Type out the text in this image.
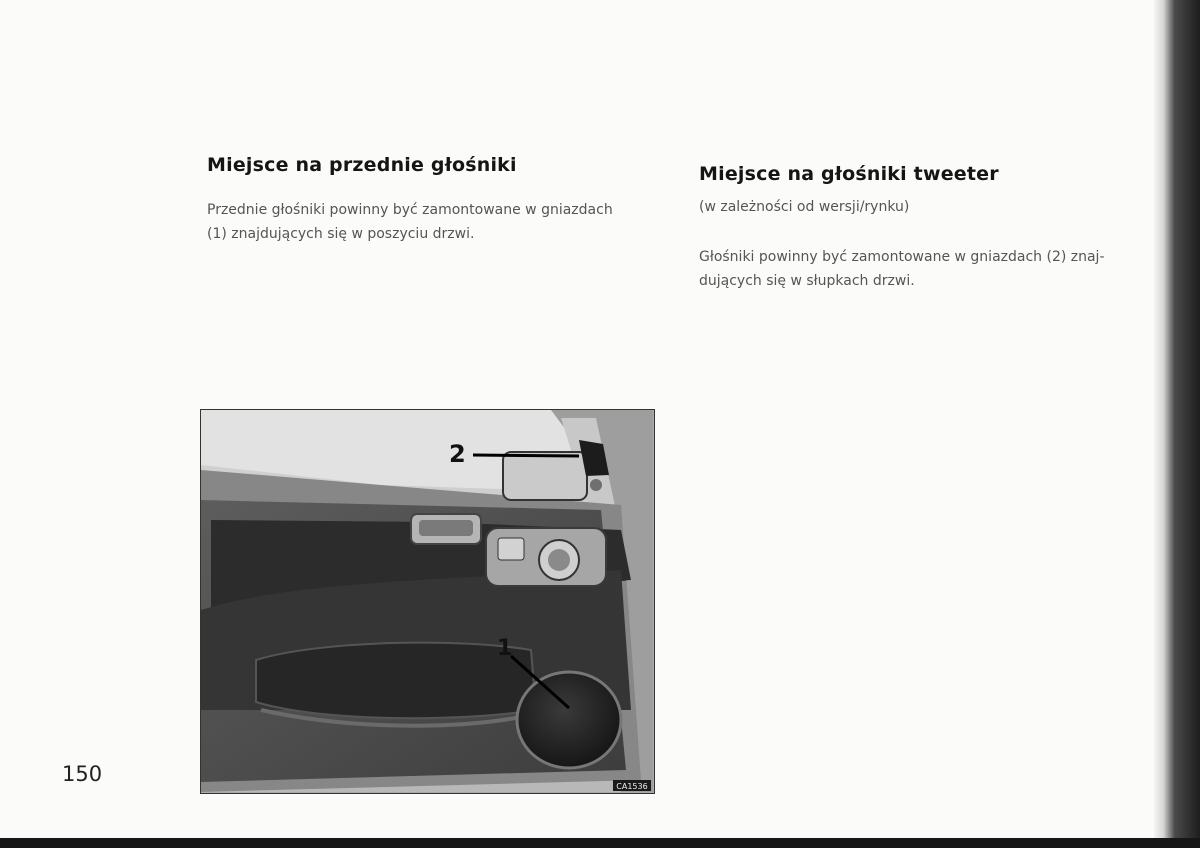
Miejsce na przednie głośniki

Przednie głośniki powinny być zamontowane w gniazdach
(1) znajdujących się w poszyciu drzwi.

Miejsce na głośniki tweeter

(w zależności od wersji/rynku)

Głośniki powinny być zamontowane w gniazdach (2) znaj-
dujących się w słupkach drzwi.

2
1
CA1536
150
